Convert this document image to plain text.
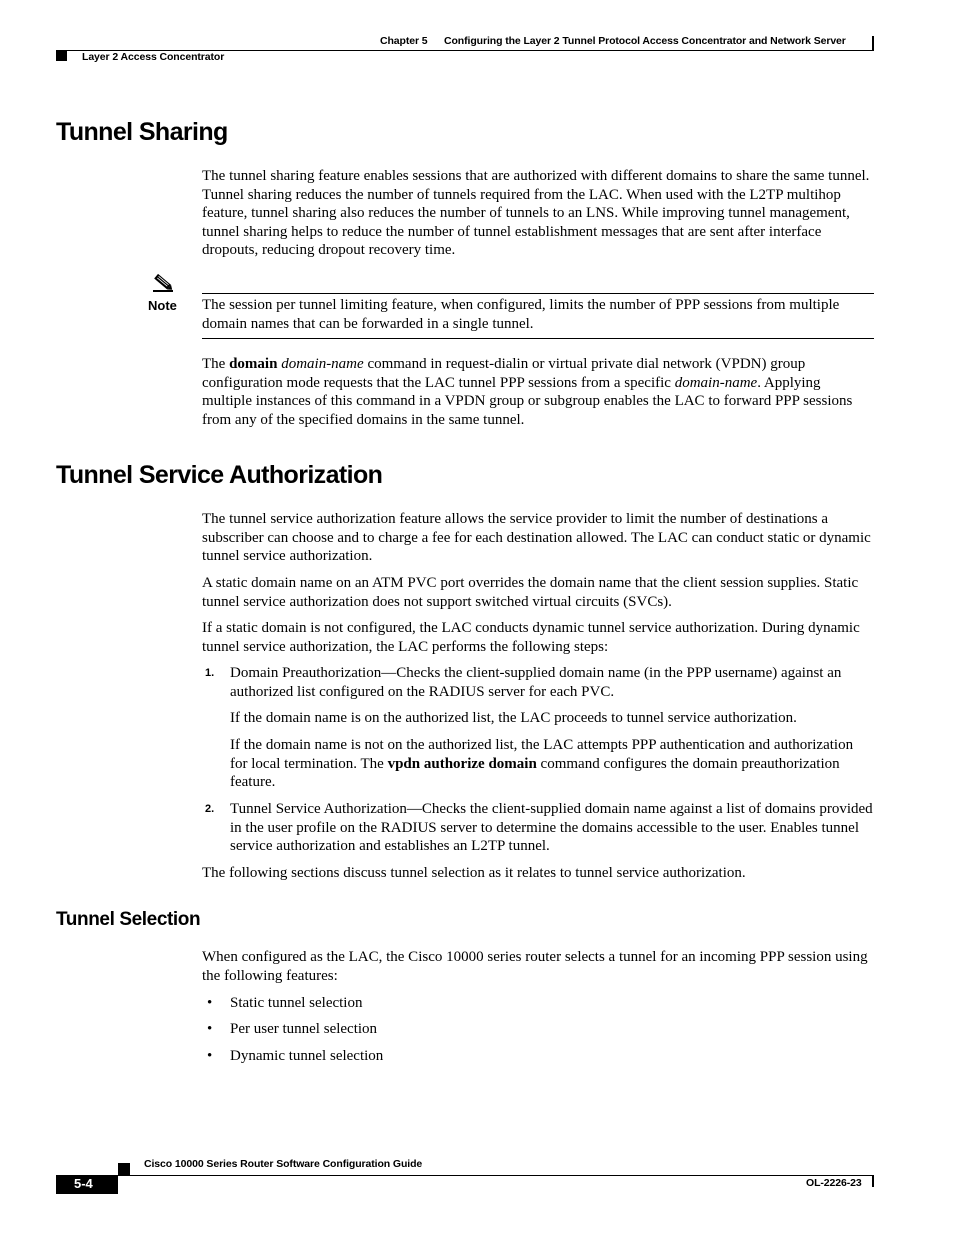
Chapter 5 Configuring the Layer 2 Tunnel Protocol Access Concentrator and Network Server
Layer 2 Access Concentrator
Tunnel Sharing

The tunnel sharing feature enables sessions that are authorized with different domains to share the same tunnel. Tunnel sharing reduces the number of tunnels required from the LAC. When used with the L2TP multihop feature, tunnel sharing also reduces the number of tunnels to an LNS. While improving tunnel management, tunnel sharing helps to reduce the number of tunnel establishment messages that are sent after interface dropouts, reducing dropout recovery time.

Note The session per tunnel limiting feature, when configured, limits the number of PPP sessions from multiple domain names that can be forwarded in a single tunnel.

The domain domain-name command in request-dialin or virtual private dial network (VPDN) group configuration mode requests that the LAC tunnel PPP sessions from a specific domain-name. Applying multiple instances of this command in a VPDN group or subgroup enables the LAC to forward PPP sessions from any of the specified domains in the same tunnel.

Tunnel Service Authorization

The tunnel service authorization feature allows the service provider to limit the number of destinations a subscriber can choose and to charge a fee for each destination allowed. The LAC can conduct static or dynamic tunnel service authorization.

A static domain name on an ATM PVC port overrides the domain name that the client session supplies. Static tunnel service authorization does not support switched virtual circuits (SVCs).

If a static domain is not configured, the LAC conducts dynamic tunnel service authorization. During dynamic tunnel service authorization, the LAC performs the following steps:

1. Domain Preauthorization—Checks the client-supplied domain name (in the PPP username) against an authorized list configured on the RADIUS server for each PVC.

If the domain name is on the authorized list, the LAC proceeds to tunnel service authorization.

If the domain name is not on the authorized list, the LAC attempts PPP authentication and authorization for local termination. The vpdn authorize domain command configures the domain preauthorization feature.

2. Tunnel Service Authorization—Checks the client-supplied domain name against a list of domains provided in the user profile on the RADIUS server to determine the domains accessible to the user. Enables tunnel service authorization and establishes an L2TP tunnel.

The following sections discuss tunnel selection as it relates to tunnel service authorization.

Tunnel Selection

When configured as the LAC, the Cisco 10000 series router selects a tunnel for an incoming PPP session using the following features:

• Static tunnel selection

• Per user tunnel selection

• Dynamic tunnel selection

Cisco 10000 Series Router Software Configuration Guide
5-4	OL-2226-23
